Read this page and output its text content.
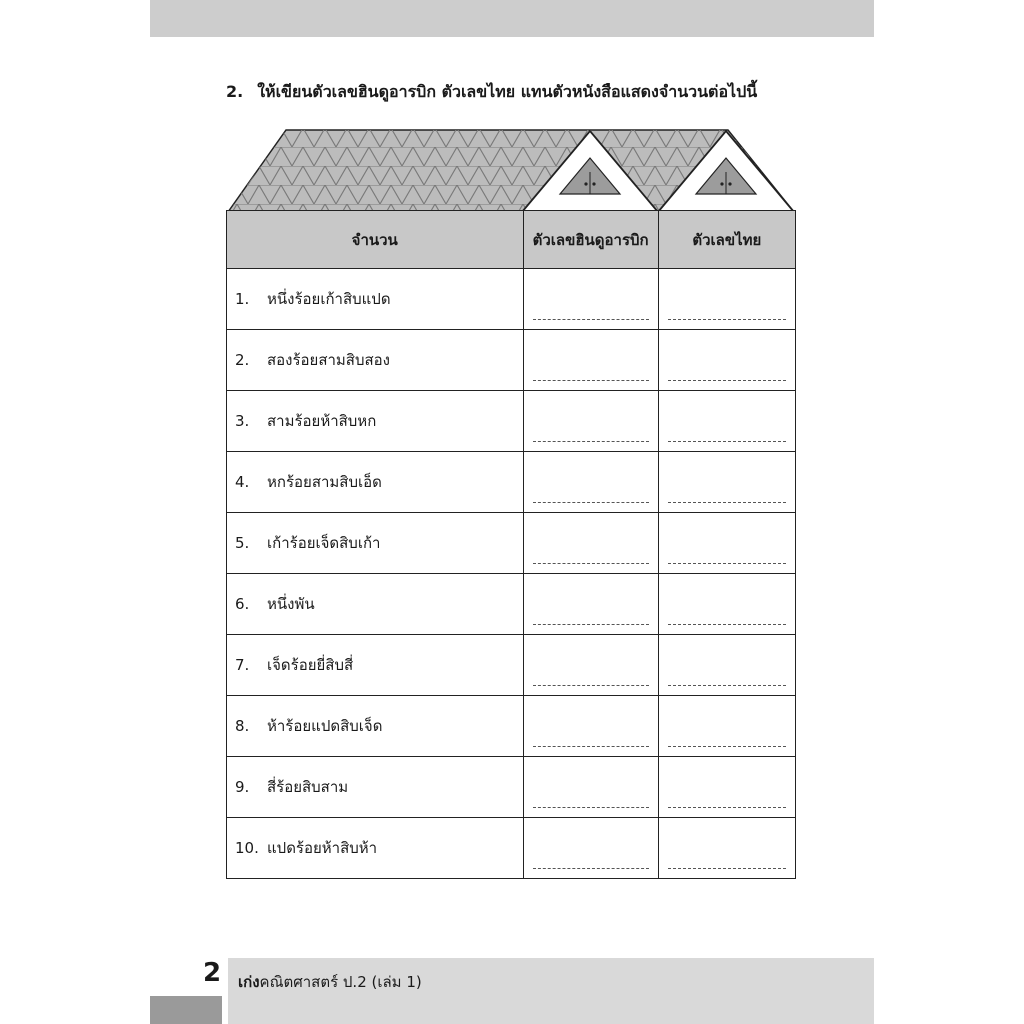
2. ให้เขียนตัวเลขฮินดูอารบิก ตัวเลขไทย แทนตัวหนังสือแสดงจำนวนต่อไปนี้
จำนวน	ตัวเลขฮินดูอารบิก	ตัวเลขไทย
1. หนึ่งร้อยเก้าสิบแปด	

2. สองร้อยสามสิบสอง	

3. สามร้อยห้าสิบหก	

4. หกร้อยสามสิบเอ็ด	

5. เก้าร้อยเจ็ดสิบเก้า	

6. หนึ่งพัน	

7. เจ็ดร้อยยี่สิบสี่	

8. ห้าร้อยแปดสิบเจ็ด	

9. สี่ร้อยสิบสาม	

10. แปดร้อยห้าสิบห้า	

2 เก่งคณิตศาสตร์ ป.2 (เล่ม 1)
